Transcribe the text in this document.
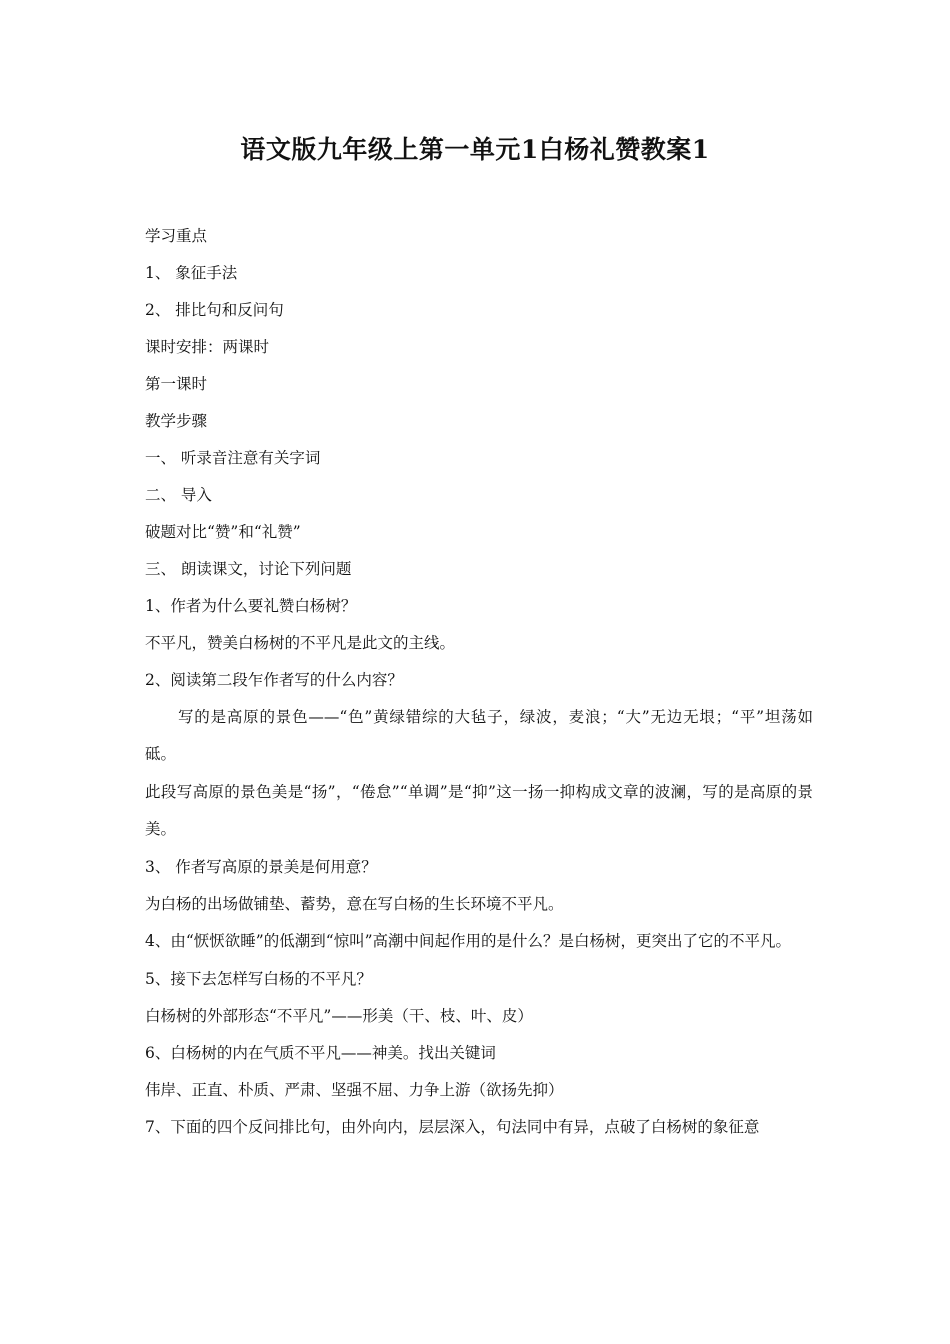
语文版九年级上第一单元1白杨礼赞教案1

学习重点

1、 象征手法

2、 排比句和反问句

课时安排：两课时

第一课时

教学步骤

一、 听录音注意有关字词

二、 导入

破题对比“赞”和“礼赞”

三、 朗读课文，讨论下列问题

1、作者为什么要礼赞白杨树？

不平凡，赞美白杨树的不平凡是此文的主线。

2、阅读第二段乍作者写的什么内容？

写的是高原的景色——“色”黄绿错综的大毡子，绿波，麦浪；“大”无边无垠；“平”坦荡如砥。

此段写高原的景色美是“扬”，“倦怠”“单调”是“抑”这一扬一抑构成文章的波澜，写的是高原的景美。

3、 作者写高原的景美是何用意？

为白杨的出场做铺垫、蓄势，意在写白杨的生长环境不平凡。

4、由“恹恹欲睡”的低潮到“惊叫”高潮中间起作用的是什么？是白杨树，更突出了它的不平凡。

5、接下去怎样写白杨的不平凡？

白杨树的外部形态“不平凡”——形美（干、枝、叶、皮）

6、白杨树的内在气质不平凡——神美。找出关键词

伟岸、正直、朴质、严肃、坚强不屈、力争上游（欲扬先抑）

7、下面的四个反问排比句，由外向内，层层深入，句法同中有异，点破了白杨树的象征意
